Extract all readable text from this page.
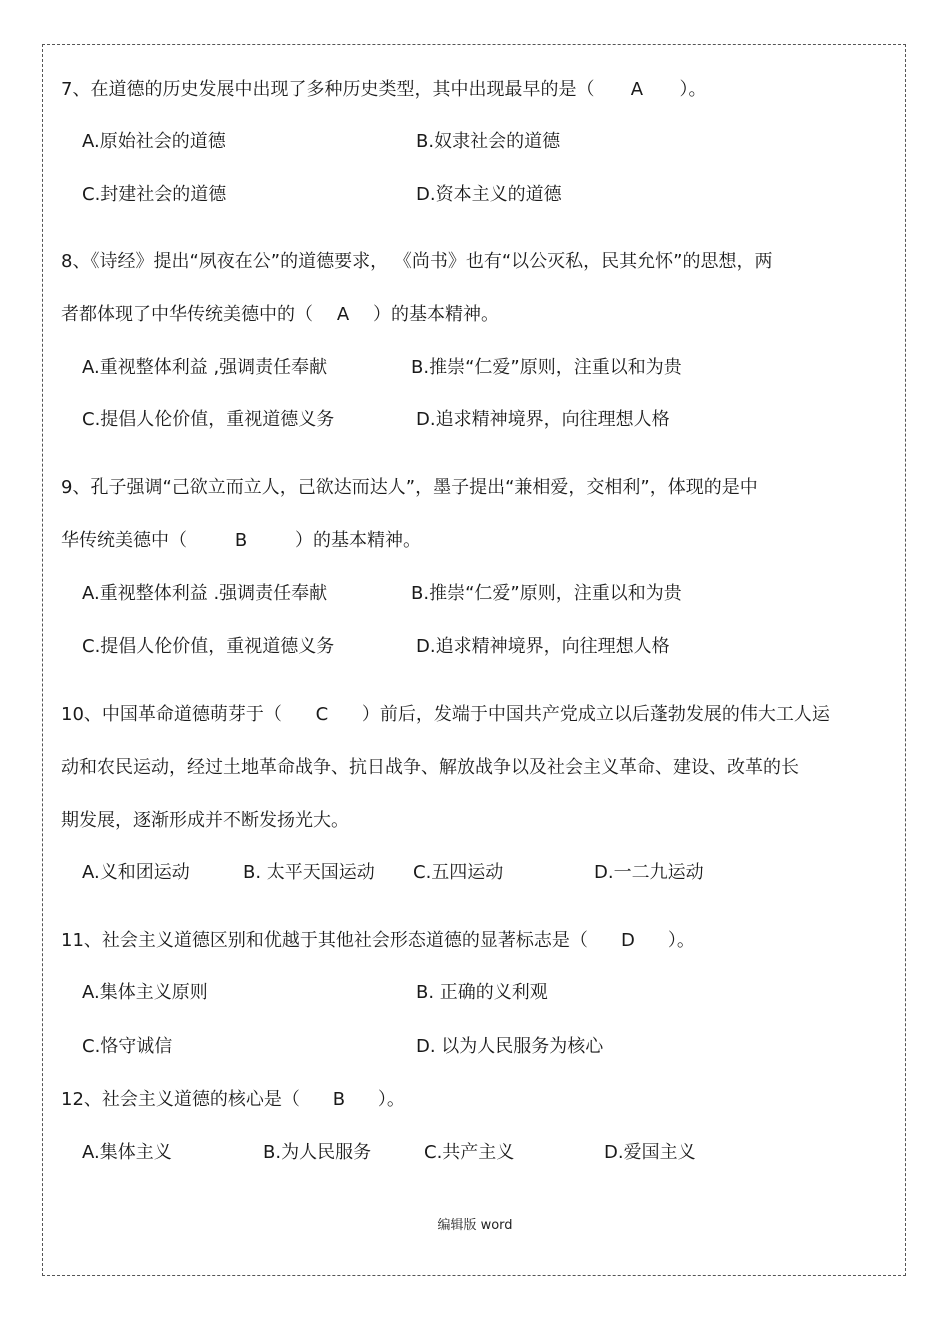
7、在道德的历史发展中出现了多种历史类型，其中出现最早的是（ A ）。
A.原始社会的道德	B.奴隶社会的道德
C.封建社会的道德	D.资本主义的道德
8、《诗经》提出“夙夜在公”的道德要求， 《尚书》也有“以公灭私，民其允怀”的思想，两
者都体现了中华传统美德中的（ A ）的基本精神。
A.重视整体利益 ,强调责任奉献	B.推崇“仁爱”原则，注重以和为贵
C.提倡人伦价值，重视道德义务	D.追求精神境界，向往理想人格
9、孔子强调“己欲立而立人，己欲达而达人”，墨子提出“兼相爱，交相利”，体现的是中
华传统美德中（	B	）的基本精神。
A.重视整体利益 .强调责任奉献	B.推崇“仁爱”原则，注重以和为贵
C.提倡人伦价值，重视道德义务	D.追求精神境界，向往理想人格
10、中国革命道德萌芽于（ C ）前后，发端于中国共产党成立以后蓬勃发展的伟大工人运
动和农民运动，经过土地革命战争、抗日战争、解放战争以及社会主义革命、建设、改革的长
期发展，逐渐形成并不断发扬光大。
A.义和团运动	B. 太平天国运动 C.五四运动	D.一二九运动
11、社会主义道德区别和优越于其他社会形态道德的显著标志是（ D ）。
A.集体主义原则	B. 正确的义利观
C.恪守诚信	D. 以为人民服务为核心
12、社会主义道德的核心是（ B ）。
A.集体主义	B.为人民服务	C.共产主义	D.爱国主义
编辑版 word
